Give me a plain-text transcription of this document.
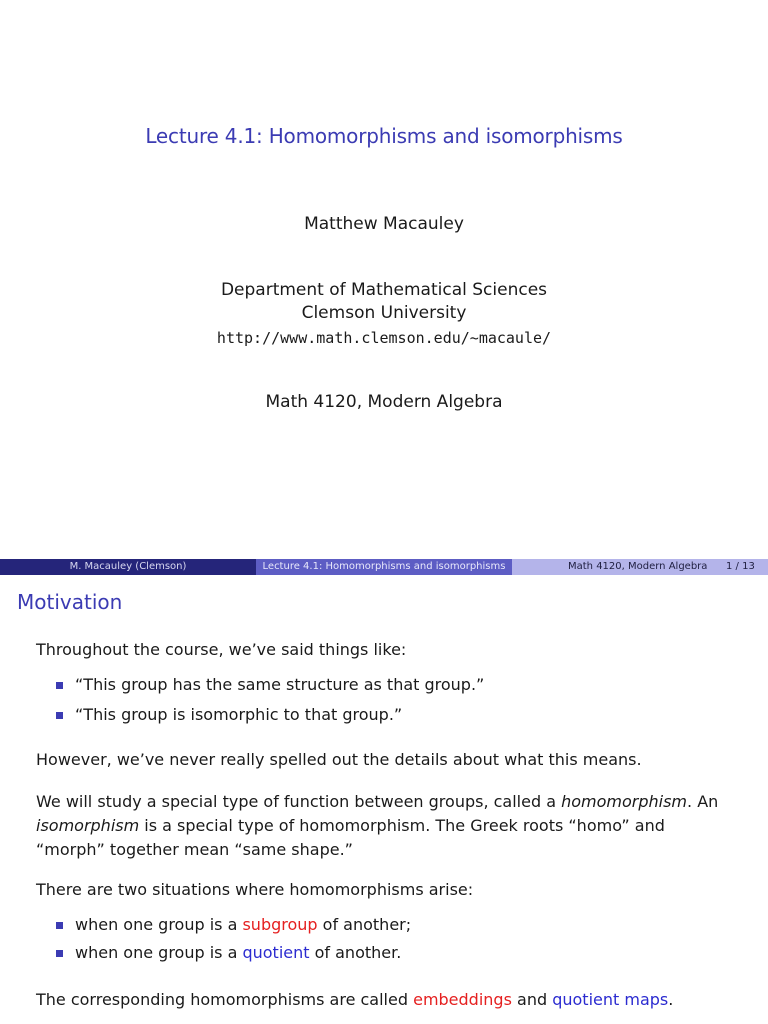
Lecture 4.1: Homomorphisms and isomorphisms
Matthew Macauley
Department of Mathematical Sciences
Clemson University
http://www.math.clemson.edu/~macaule/
Math 4120, Modern Algebra
M. Macauley (Clemson)	Lecture 4.1: Homomorphisms and isomorphisms	Math 4120, Modern Algebra 1 / 13
Motivation
Throughout the course, we’ve said things like:
“This group has the same structure as that group.”
“This group is isomorphic to that group.”
However, we’ve never really spelled out the details about what this means.
We will study a special type of function between groups, called a homomorphism. An
isomorphism is a special type of homomorphism. The Greek roots “homo” and
“morph” together mean “same shape.”
There are two situations where homomorphisms arise:
when one group is a subgroup of another;
when one group is a quotient of another.
The corresponding homomorphisms are called embeddings and quotient maps.
